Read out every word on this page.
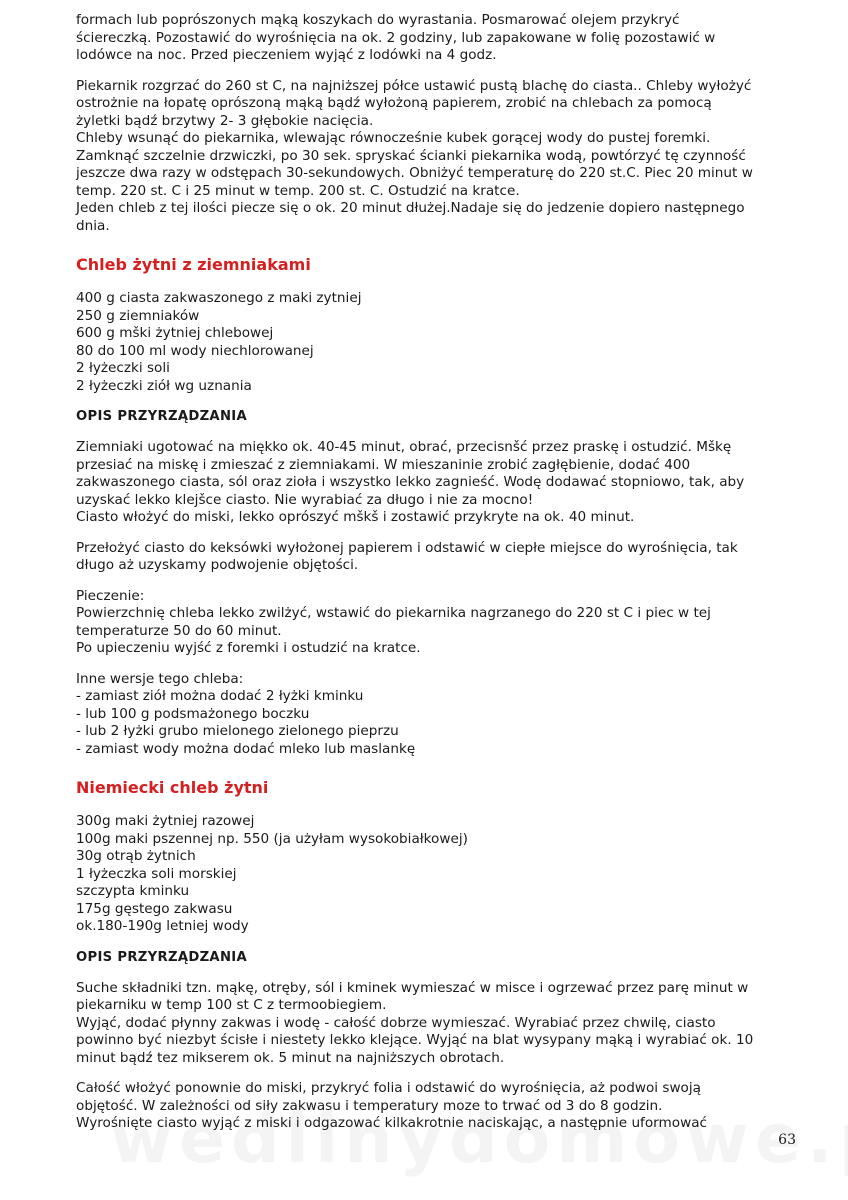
formach lub poprószonych mąką koszykach do wyrastania. Posmarować olejem przykryć
ściereczką. Pozostawić do wyrośnięcia na ok. 2 godziny, lub zapakowane w folię pozostawić w
lodówce na noc. Przed pieczeniem wyjąć z lodówki na 4 godz.

Piekarnik rozgrzać do 260 st C, na najniższej półce ustawić pustą blachę do ciasta.. Chleby wyłożyć
ostrożnie na łopatę oprószoną mąką bądź wyłożoną papierem, zrobić na chlebach za pomocą
żyletki bądź brzytwy 2- 3 głębokie nacięcia.
Chleby wsunąć do piekarnika, wlewając równocześnie kubek gorącej wody do pustej foremki.
Zamknąć szczelnie drzwiczki, po 30 sek. spryskać ścianki piekarnika wodą, powtórzyć tę czynność
jeszcze dwa razy w odstępach 30-sekundowych. Obniżyć temperaturę do 220 st.C. Piec 20 minut w
temp. 220 st. C i 25 minut w temp. 200 st. C. Ostudzić na kratce.
Jeden chleb z tej ilości piecze się o ok. 20 minut dłużej.Nadaje się do jedzenie dopiero następnego
dnia.

Chleb żytni z ziemniakami
400 g ciasta zakwaszonego z maki zytniej
250 g ziemniaków
600 g mški żytniej chlebowej
80 do 100 ml wody niechlorowanej
2 łyżeczki soli
2 łyżeczki ziół wg uznania
OPIS PRZYRZĄDZANIA

Ziemniaki ugotować na miękko ok. 40-45 minut, obrać, przecisnšć przez praskę i ostudzić. Mškę
przesiać na miskę i zmieszać z ziemniakami. W mieszaninie zrobić zagłębienie, dodać 400
zakwaszonego ciasta, sól oraz zioła i wszystko lekko zagnieść. Wodę dodawać stopniowo, tak, aby
uzyskać lekko klejšce ciasto. Nie wyrabiać za długo i nie za mocno!
Ciasto włożyć do miski, lekko oprószyć mškš i zostawić przykryte na ok. 40 minut.

Przełożyć ciasto do keksówki wyłożonej papierem i odstawić w ciepłe miejsce do wyrośnięcia, tak
długo aż uzyskamy podwojenie objętości.

Pieczenie:
Powierzchnię chleba lekko zwilżyć, wstawić do piekarnika nagrzanego do 220 st C i piec w tej
temperaturze 50 do 60 minut.
Po upieczeniu wyjść z foremki i ostudzić na kratce.

Inne wersje tego chleba:
- zamiast ziół można dodać 2 łyżki kminku
- lub 100 g podsmażonego boczku
- lub 2 łyżki grubo mielonego zielonego pieprzu
- zamiast wody można dodać mleko lub maslankę

Niemiecki chleb żytni
300g maki żytniej razowej
100g maki pszennej np. 550 (ja użyłam wysokobiałkowej)
30g otrąb żytnich
1 łyżeczka soli morskiej
szczypta kminku
175g gęstego zakwasu
ok.180-190g letniej wody
OPIS PRZYRZĄDZANIA

Suche składniki tzn. mąkę, otręby, sól i kminek wymieszać w misce i ogrzewać przez parę minut w
piekarniku w temp 100 st C z termoobiegiem.
Wyjąć, dodać płynny zakwas i wodę - całość dobrze wymieszać. Wyrabiać przez chwilę, ciasto
powinno być niezbyt ścisłe i niestety lekko klejące. Wyjąć na blat wysypany mąką i wyrabiać ok. 10
minut bądź tez mikserem ok. 5 minut na najniższych obrotach.

Całość włożyć ponownie do miski, przykryć folia i odstawić do wyrośnięcia, aż podwoi swoją
objętość. W zależności od siły zakwasu i temperatury moze to trwać od 3 do 8 godzin.
Wyrośnięte ciasto wyjąć z miski i odgazować kilkakrotnie naciskając, a następnie uformować

63
